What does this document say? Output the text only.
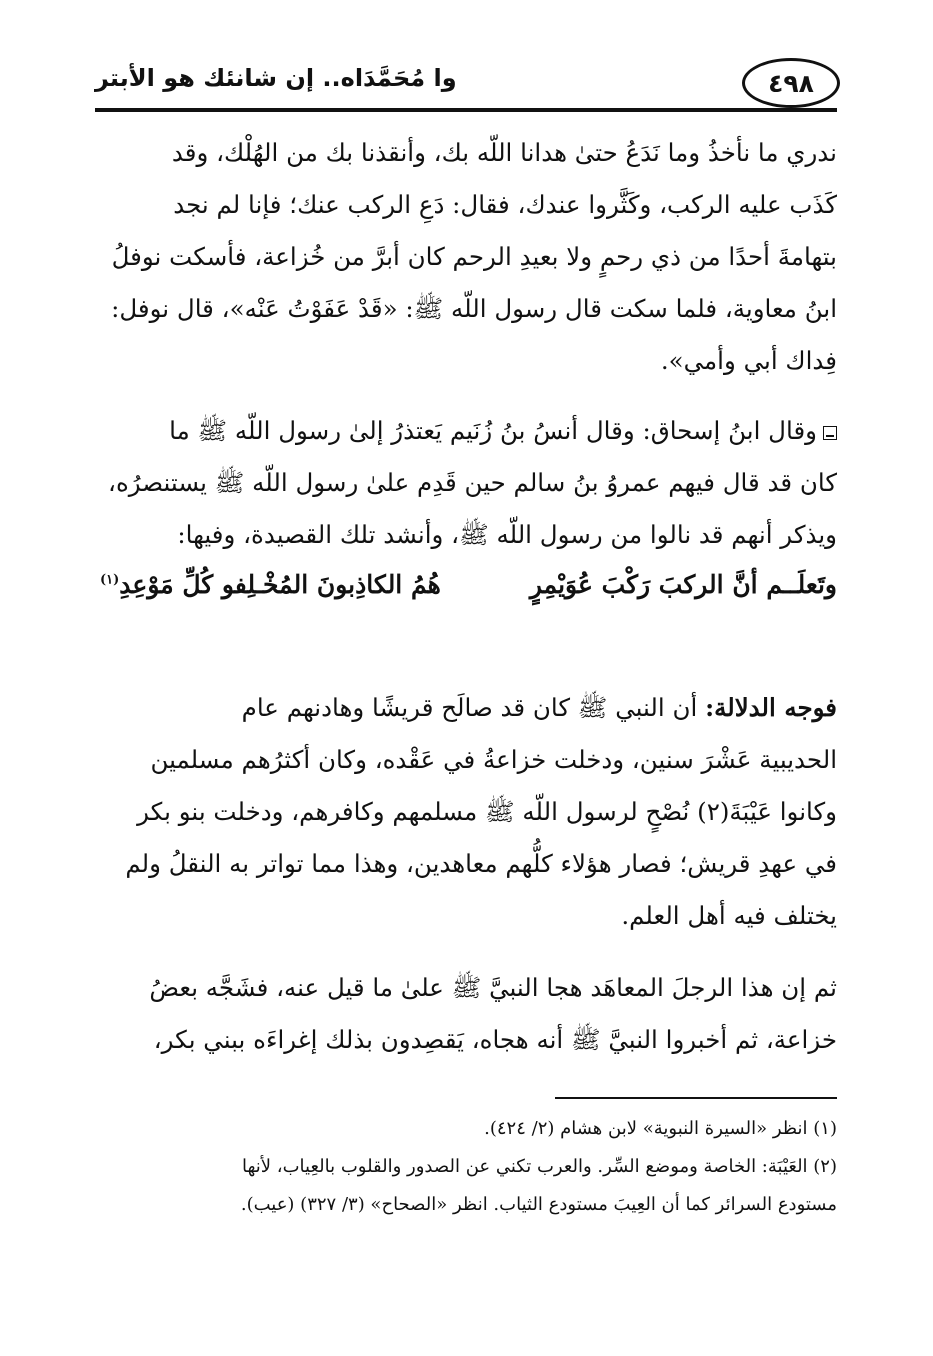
٤٩٨
وا مُحَمَّدَاه.. إن شانئك هو الأبتر
ندري ما نأخذُ وما نَدَعُ حتىٰ هدانا اللّه بك، وأنقذنا بك من الهُلْك، وقد
كَذَب عليه الركب، وكَثَّروا عندك، فقال: دَعِ الركب عنك؛ فإنا لم نجد
بتهامةَ أحدًا من ذي رحمٍ ولا بعيدِ الرحم كان أبرَّ من خُزاعة، فأسكت نوفلُ
ابنُ معاوية، فلما سكت قال رسول اللّه ﷺ: «قَدْ عَفَوْتُ عَنْه»، قال نوفل:
فِداك أبي وأمي».
وقال ابنُ إسحاق: وقال أنسُ بنُ زُنَيم يَعتذرُ إلىٰ رسول اللّه ﷺ ما
كان قد قال فيهم عمروُ بنُ سالم حين قَدِم علىٰ رسول اللّه ﷺ يستنصرُه،
ويذكر أنهم قد نالوا من رسول اللّه ﷺ، وأنشد تلك القصيدة، وفيها:
وتَعلَــم أنَّ الركبَ رَكْبَ عُوَيْمِرٍ
هُمُ الكاذِبونَ المُخْـلِفو كُلِّ مَوْعِدِ$^{(١)}$
فوجه الدلالة: أن النبي ﷺ كان قد صالَح قريشًا وهادنهم عام
الحديبية عَشْرَ سنين، ودخلت خزاعةُ في عَقْده، وكان أكثرُهم مسلمين
وكانوا عَيْبَةَ(٢) نُصْحٍ لرسول اللّه ﷺ مسلمهم وكافرهم، ودخلت بنو بكر
في عهدِ قريش؛ فصار هؤلاء كلُّهم معاهدين، وهذا مما تواتر به النقلُ ولم
يختلف فيه أهل العلم.
ثم إن هذا الرجلَ المعاهَد هجا النبيَّ ﷺ علىٰ ما قيل عنه، فشَجَّه بعضُ
خزاعة، ثم أخبروا النبيَّ ﷺ أنه هجاه، يَقصِدون بذلك إغراءَه ببني بكر،
(١) انظر «السيرة النبوية» لابن هشام (٢/ ٤٢٤).
(٢) العَيْبَة: الخاصة وموضع السِّر. والعرب تكني عن الصدور والقلوب بالعِياب، لأنها
مستودع السرائر كما أن العِيبَ مستودع الثياب. انظر «الصحاح» (٣/ ٣٢٧) (عيب).
